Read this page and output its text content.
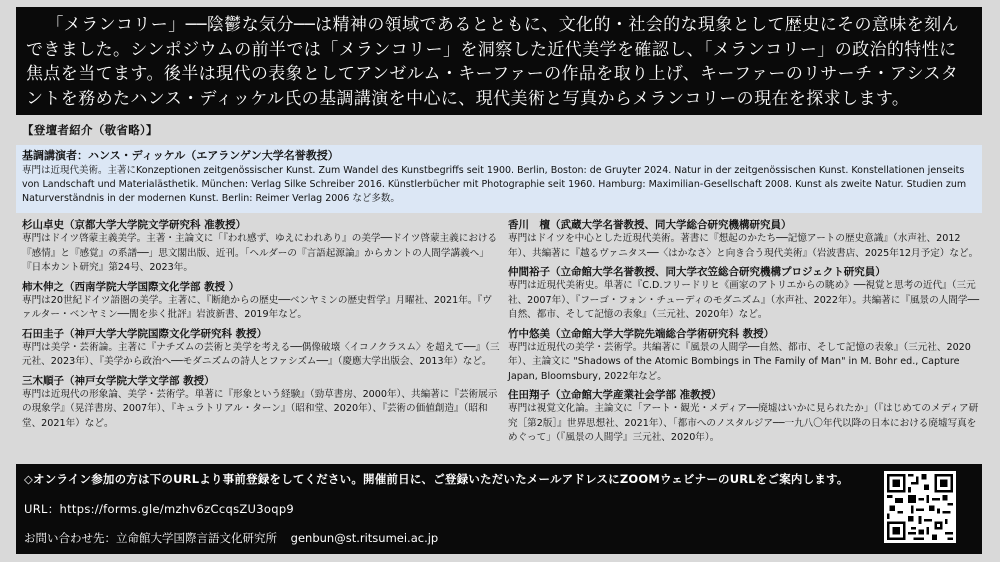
「メランコリー」──陰鬱な気分──は精神の領域であるとともに、文化的・社会的な現象として歴史にその意味を刻んできました。シンポジウムの前半では「メランコリー」を洞察した近代美学を確認し、「メランコリー」の政治的特性に焦点を当てます。後半は現代の表象としてアンゼルム・キーファーの作品を取り上げ、キーファーのリサーチ・アシスタントを務めたハンス・ディッケル氏の基調講演を中心に、現代美術と写真からメランコリーの現在を探求します。
【登壇者紹介（敬省略）】
基調講演者：ハンス・ディッケル（エアランゲン大学名誉教授）
専門は近現代美術。主著にKonzeptionen zeitgenössischer Kunst. Zum Wandel des Kunstbegriffs seit 1900. Berlin, Boston: de Gruyter 2024. Natur in der zeitgenössischen Kunst. Konstellationen jenseits von Landschaft und Materialästhetik. München: Verlag Silke Schreiber 2016. Künstlerbücher mit Photographie seit 1960. Hamburg: Maximilian-Gesellschaft 2008. Kunst als zweite Natur. Studien zum Naturverständnis in der modernen Kunst. Berlin: Reimer Verlag 2006 など多数。
杉山卓史（京都大学大学院文学研究科 准教授）
専門はドイツ啓蒙主義美学。主著・主論文に「『われ感ず、ゆえにわれあり』の美学──ドイツ啓蒙主義における『感情』と『感覚』の系譜──」思文閣出版、近刊。「ヘルダーの『言語起源論』からカントの人間学講義へ」『日本カント研究』第24号、2023年。
柿木伸之（西南学院大学国際文化学部 教授 ）
専門は20世紀ドイツ語圏の美学。主著に、『断絶からの歴史──ベンヤミンの歴史哲学』月曜社、2021年。『ヴァルター・ベンヤミン──闇を歩く批評』岩波新書、2019年など。
石田圭子（神戸大学大学院国際文化学研究科 教授）
専門は美学・芸術論。主著に『ナチズムの芸術と美学を考える──偶像破壊〈イコノクラスム〉を超えて──』（三元社、2023年）、『美学から政治へ──モダニズムの詩人とファシズム──』（慶應大学出版会、2013年）など。
三木順子（神戸女学院大学文学部 教授）
専門は近現代の形象論、美学・芸術学。単著に『形象という経験』（勁草書房、2000年）、共編著に『芸術展示の現象学』（晃洋書房、2007年）、『キュラトリアル・ターン』（昭和堂、2020年）、『芸術の価値創造』（昭和堂、2021年）など。
香川　檀（武蔵大学名誉教授、同大学総合研究機構研究員）
専門はドイツを中心とした近現代美術。著書に『想起のかたち──記憶アートの歴史意識』（水声社、2012年）、共編著に『越るヴァニタス──〈はかなさ〉と向き合う現代美術』（岩波書店、2025年12月予定）など。
仲間裕子（立命館大学名誉教授、同大学衣笠総合研究機構プロジェクト研究員）
専門は近現代美術史。単著に『C.D.フリードリヒ《画家のアトリエからの眺め》──視覚と思考の近代』（三元社、2007年）、『フーゴ・フォン・チューディのモダニズム』（水声社、2022年）。共編著に『風景の人間学──自然、都市、そして記憶の表象』（三元社、2020年）など。
竹中悠美（立命館大学大学院先端総合学術研究科 教授）
専門は近現代の美学・芸術学。共編著に『風景の人間学──自然、都市、そして記憶の表象』（三元社、2020年）、主論文に "Shadows of the Atomic Bombings in The Family of Man" in M. Bohr ed., Capture Japan, Bloomsbury, 2022年など。
住田翔子（立命館大学産業社会学部 准教授）
専門は視覚文化論。主論文に「アート・観光・メディア──廃墟はいかに見られたか」（『はじめてのメディア研究［第2版］』世界思想社、2021年）、「都市へのノスタルジア──一九八〇年代以降の日本における廃墟写真をめぐって」（『風景の人間学』三元社、2020年）。
◇オンライン参加の方は下のURLより事前登録をしてください。開催前日に、ご登録いただいたメールアドレスにZOOMウェビナーのURLをご案内します。
URL：https://forms.gle/mzhv6zCcqsZU3oqp9
お問い合わせ先：立命館大学国際言語文化研究所 genbun@st.ritsumei.ac.jp
